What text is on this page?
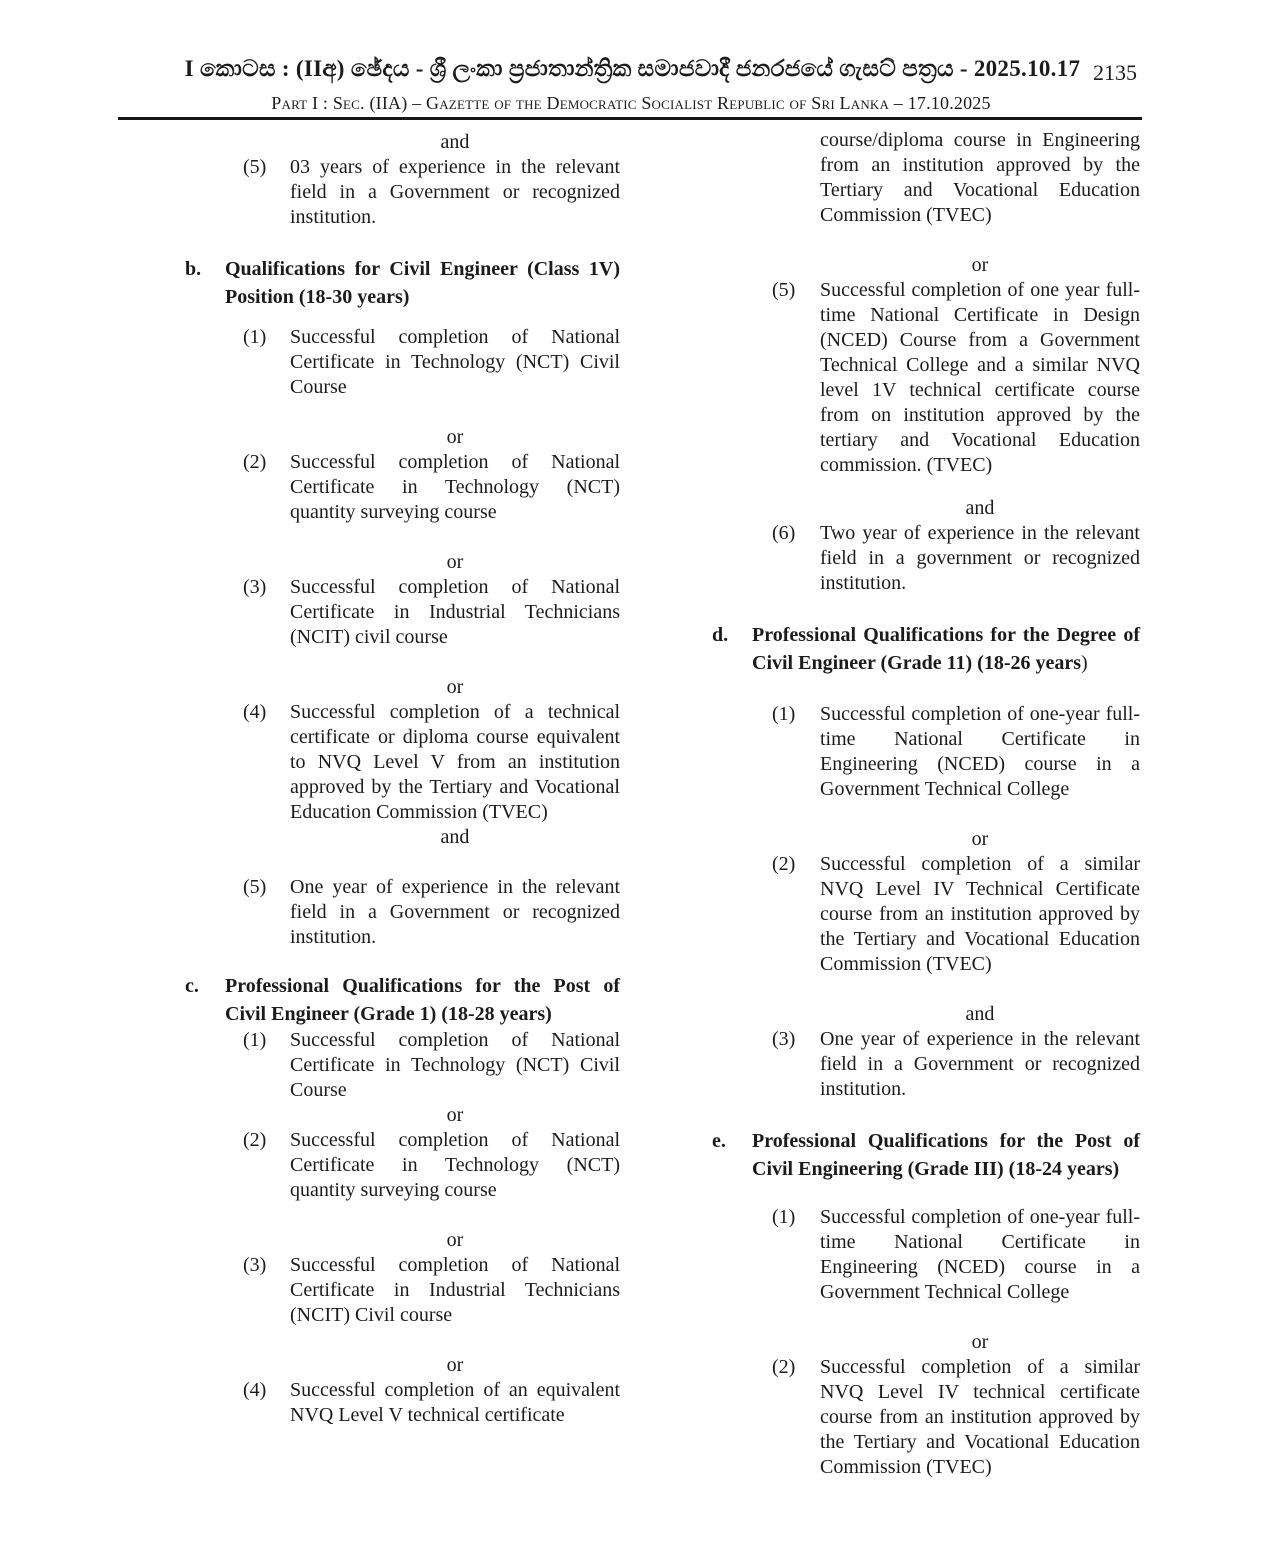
I කොටස : (IIඅ) ඡේදය - ශ්‍රී ලංකා ප්‍රජාතාන්ත්‍රික සමාජවාදී ජනරජයේ ගැසට් පත්‍රය - 2025.10.17 2135
Part I : Sec. (IIA) – Gazette of the Democratic Socialist Republic of Sri Lanka – 17.10.2025
and
(5)	03 years of experience in the relevant field in a Government or recognized institution.
b.	Qualifications for Civil Engineer (Class 1V) Position (18-30 years)
(1)	Successful completion of National Certificate in Technology (NCT) Civil Course
or
(2)	Successful completion of National Certificate in Technology (NCT) quantity surveying course
or
(3)	Successful completion of National Certificate in Industrial Technicians (NCIT) civil course
or
(4)	Successful completion of a technical certificate or diploma course equivalent to NVQ Level V from an institution approved by the Tertiary and Vocational Education Commission (TVEC)
and
(5)	One year of experience in the relevant field in a Government or recognized institution.
c.	Professional Qualifications for the Post of Civil Engineer (Grade 1) (18-28 years)
(1)	Successful completion of National Certificate in Technology (NCT) Civil Course
or
(2)	Successful completion of National Certificate in Technology (NCT) quantity surveying course
or
(3)	Successful completion of National Certificate in Industrial Technicians (NCIT) Civil course
or
(4)	Successful completion of an equivalent NVQ Level V technical certificate
course/diploma course in Engineering from an institution approved by the Tertiary and Vocational Education Commission (TVEC)
or
(5)	Successful completion of one year full-time National Certificate in Design (NCED) Course from a Government Technical College and a similar NVQ level 1V technical certificate course from on institution approved by the tertiary and Vocational Education commission. (TVEC)
and
(6)	Two year of experience in the relevant field in a government or recognized institution.
d.	Professional Qualifications for the Degree of Civil Engineer (Grade 11) (18-26 years)
(1)	Successful completion of one-year full-time National Certificate in Engineering (NCED) course in a Government Technical College
or
(2)	Successful completion of a similar NVQ Level IV Technical Certificate course from an institution approved by the Tertiary and Vocational Education Commission (TVEC)
and
(3)	One year of experience in the relevant field in a Government or recognized institution.
e.	Professional Qualifications for the Post of Civil Engineering (Grade III) (18-24 years)
(1)	Successful completion of one-year full-time National Certificate in Engineering (NCED) course in a Government Technical College
or
(2)	Successful completion of a similar NVQ Level IV technical certificate course from an institution approved by the Tertiary and Vocational Education Commission (TVEC)
